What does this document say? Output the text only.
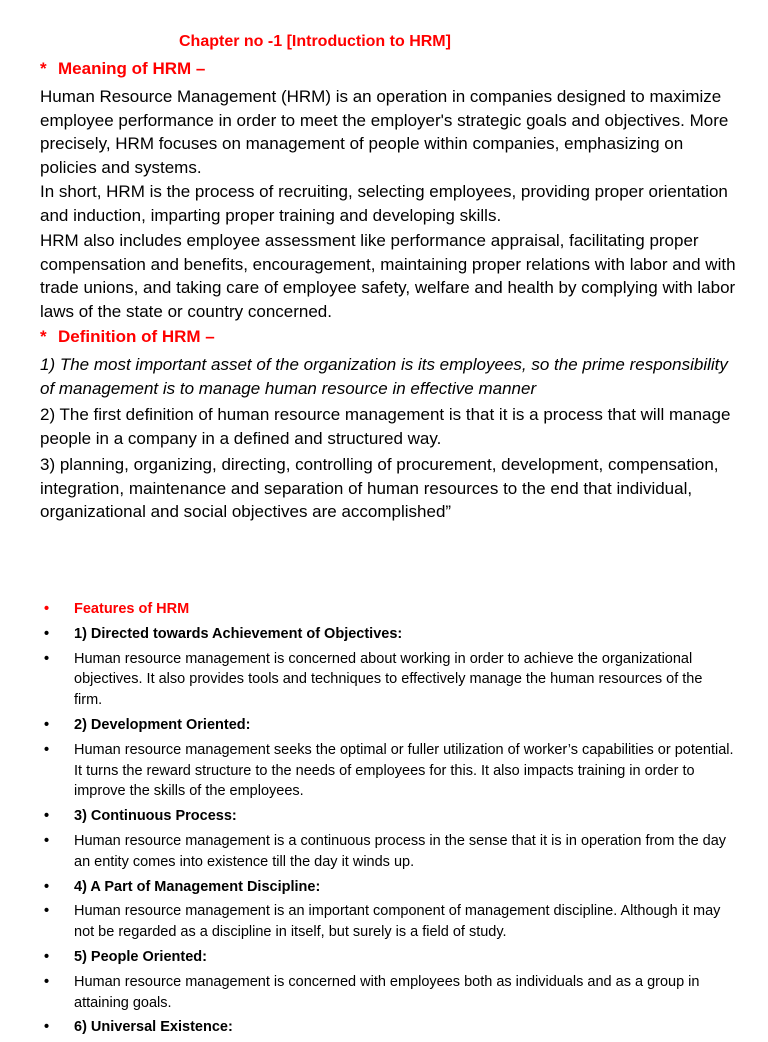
Chapter no -1 [Introduction to HRM]
* Meaning of HRM –
Human Resource Management (HRM) is an operation in companies designed to maximize employee performance in order to meet the employer's strategic goals and objectives. More precisely, HRM focuses on management of people within companies, emphasizing on policies and systems.
In short, HRM is the process of recruiting, selecting employees, providing proper orientation and induction, imparting proper training and developing skills.
HRM also includes employee assessment like performance appraisal, facilitating proper compensation and benefits, encouragement, maintaining proper relations with labor and with trade unions, and taking care of employee safety, welfare and health by complying with labor laws of the state or country concerned.
* Definition of HRM –
1) The most important asset of the organization is its employees, so the prime responsibility of management is to manage human resource in effective manner
2) The first definition of human resource management is that it is a process that will manage people in a company in a defined and structured way.
3) planning, organizing, directing, controlling of procurement, development, compensation, integration, maintenance and separation of human resources to the end that individual, organizational and social objectives are accomplished”
•	Features of HRM
•	1) Directed towards Achievement of Objectives:
•	Human resource management is concerned about working in order to achieve the organizational objectives. It also provides tools and techniques to effectively manage the human resources of the firm.
•	2) Development Oriented:
•	Human resource management seeks the optimal or fuller utilization of worker’s capabilities or potential. It turns the reward structure to the needs of employees for this. It also impacts training in order to improve the skills of the employees.
•	3) Continuous Process:
•	Human resource management is a continuous process in the sense that it is in operation from the day an entity comes into existence till the day it winds up.
•	4) A Part of Management Discipline:
•	Human resource management is an important component of management discipline. Although it may not be regarded as a discipline in itself, but surely is a field of study.
•	5) People Oriented:
•	Human resource management is concerned with employees both as individuals and as a group in attaining goals.
•	6) Universal Existence:
